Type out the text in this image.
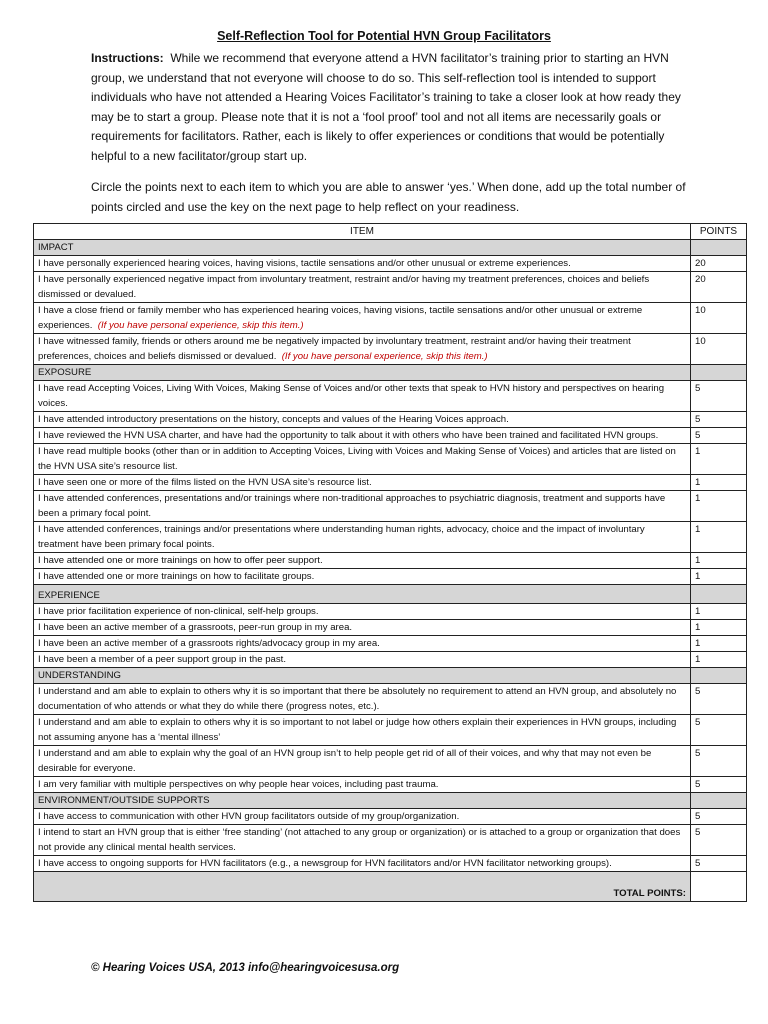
Self-Reflection Tool for Potential HVN Group Facilitators
Instructions: While we recommend that everyone attend a HVN facilitator’s training prior to starting an HVN group, we understand that not everyone will choose to do so. This self-reflection tool is intended to support individuals who have not attended a Hearing Voices Facilitator’s training to take a closer look at how ready they may be to start a group. Please note that it is not a ‘fool proof’ tool and not all items are necessarily goals or requirements for facilitators. Rather, each is likely to offer experiences or conditions that would be potentially helpful to a new facilitator/group start up.
Circle the points next to each item to which you are able to answer ‘yes.’ When done, add up the total number of points circled and use the key on the next page to help reflect on your readiness.
ITEM	POINTS
IMPACT	
I have personally experienced hearing voices, having visions, tactile sensations and/or other unusual or extreme experiences.	20
I have personally experienced negative impact from involuntary treatment, restraint and/or having my treatment preferences, choices and beliefs dismissed or devalued.	20
I have a close friend or family member who has experienced hearing voices, having visions, tactile sensations and/or other unusual or extreme experiences. (If you have personal experience, skip this item.)	10
I have witnessed family, friends or others around me be negatively impacted by involuntary treatment, restraint and/or having their treatment preferences, choices and beliefs dismissed or devalued. (If you have personal experience, skip this item.)	10
EXPOSURE	
I have read Accepting Voices, Living With Voices, Making Sense of Voices and/or other texts that speak to HVN history and perspectives on hearing voices.	5
I have attended introductory presentations on the history, concepts and values of the Hearing Voices approach.	5
I have reviewed the HVN USA charter, and have had the opportunity to talk about it with others who have been trained and facilitated HVN groups.	5
I have read multiple books (other than or in addition to Accepting Voices, Living with Voices and Making Sense of Voices) and articles that are listed on the HVN USA site’s resource list.	1
I have seen one or more of the films listed on the HVN USA site’s resource list.	1
I have attended conferences, presentations and/or trainings where non-traditional approaches to psychiatric diagnosis, treatment and supports have been a primary focal point.	1
I have attended conferences, trainings and/or presentations where understanding human rights, advocacy, choice and the impact of involuntary treatment have been primary focal points.	1
I have attended one or more trainings on how to offer peer support.	1
I have attended one or more trainings on how to facilitate groups.	1
EXPERIENCE	
I have prior facilitation experience of non-clinical, self-help groups.	1
I have been an active member of a grassroots, peer-run group in my area.	1
I have been an active member of a grassroots rights/advocacy group in my area.	1
I have been a member of a peer support group in the past.	1
UNDERSTANDING	
I understand and am able to explain to others why it is so important that there be absolutely no requirement to attend an HVN group, and absolutely no documentation of who attends or what they do while there (progress notes, etc.).	5
I understand and am able to explain to others why it is so important to not label or judge how others explain their experiences in HVN groups, including not assuming anyone has a ‘mental illness’	5
I understand and am able to explain why the goal of an HVN group isn’t to help people get rid of all of their voices, and why that may not even be desirable for everyone.	5
I am very familiar with multiple perspectives on why people hear voices, including past trauma.	5
ENVIRONMENT/OUTSIDE SUPPORTS	
I have access to communication with other HVN group facilitators outside of my group/organization.	5
I intend to start an HVN group that is either ‘free standing’ (not attached to any group or organization) or is attached to a group or organization that does not provide any clinical mental health services.	5
I have access to ongoing supports for HVN facilitators (e.g., a newsgroup for HVN facilitators and/or HVN facilitator networking groups).	5
TOTAL POINTS:	
© Hearing Voices USA, 2013 info@hearingvoicesusa.org
